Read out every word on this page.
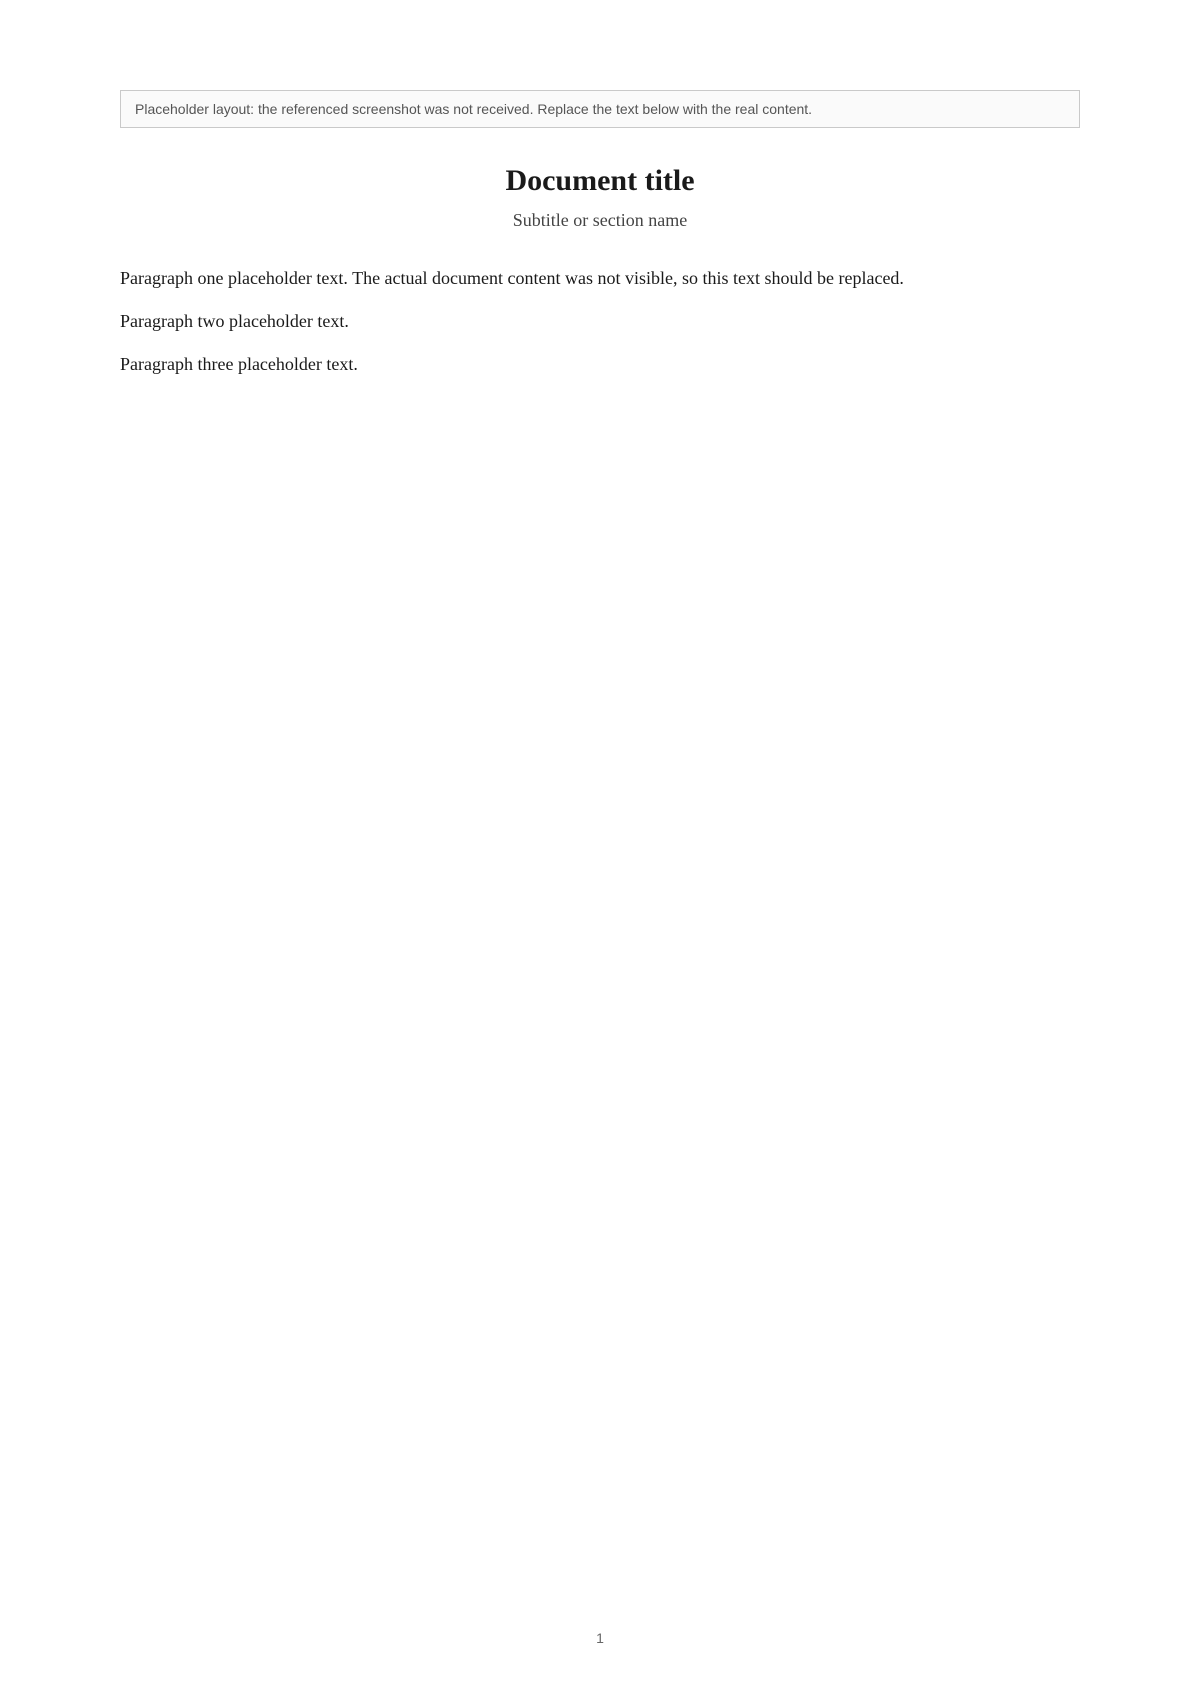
Placeholder layout: the referenced screenshot was not received. Replace the text below with the real content.
Document title
Subtitle or section name

Paragraph one placeholder text. The actual document content was not visible, so this text should be replaced.

Paragraph two placeholder text.

Paragraph three placeholder text.

1
